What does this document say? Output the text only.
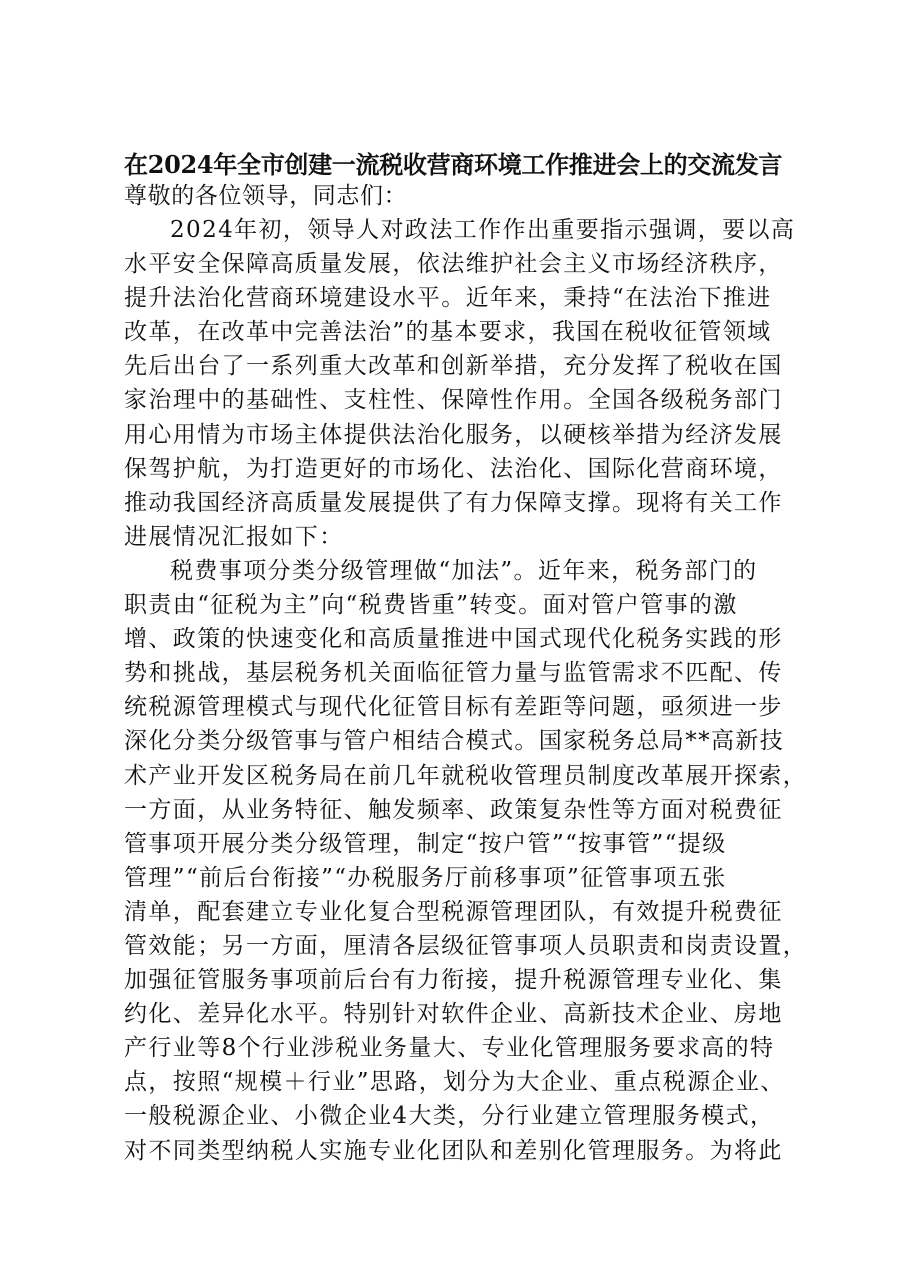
在2024年全市创建一流税收营商环境工作推进会上的交流发言
尊敬的各位领导，同志们：
2024年初，领导人对政法工作作出重要指示强调，要以高
水平安全保障高质量发展，依法维护社会主义市场经济秩序，
提升法治化营商环境建设水平。近年来，秉持“在法治下推进
改革，在改革中完善法治”的基本要求，我国在税收征管领域
先后出台了一系列重大改革和创新举措，充分发挥了税收在国
家治理中的基础性、支柱性、保障性作用。全国各级税务部门
用心用情为市场主体提供法治化服务，以硬核举措为经济发展
保驾护航，为打造更好的市场化、法治化、国际化营商环境，
推动我国经济高质量发展提供了有力保障支撑。现将有关工作
进展情况汇报如下：
税费事项分类分级管理做“加法”。近年来，税务部门的
职责由“征税为主”向“税费皆重”转变。面对管户管事的激
增、政策的快速变化和高质量推进中国式现代化税务实践的形
势和挑战，基层税务机关面临征管力量与监管需求不匹配、传
统税源管理模式与现代化征管目标有差距等问题，亟须进一步
深化分类分级管事与管户相结合模式。国家税务总局**高新技
术产业开发区税务局在前几年就税收管理员制度改革展开探索，
一方面，从业务特征、触发频率、政策复杂性等方面对税费征
管事项开展分类分级管理，制定“按户管”“按事管”“提级
管理”“前后台衔接”“办税服务厅前移事项”征管事项五张
清单，配套建立专业化复合型税源管理团队，有效提升税费征
管效能；另一方面，厘清各层级征管事项人员职责和岗责设置，
加强征管服务事项前后台有力衔接，提升税源管理专业化、集
约化、差异化水平。特别针对软件企业、高新技术企业、房地
产行业等8个行业涉税业务量大、专业化管理服务要求高的特
点，按照“规模＋行业”思路，划分为大企业、重点税源企业、
一般税源企业、小微企业4大类，分行业建立管理服务模式，
对不同类型纳税人实施专业化团队和差别化管理服务。为将此
